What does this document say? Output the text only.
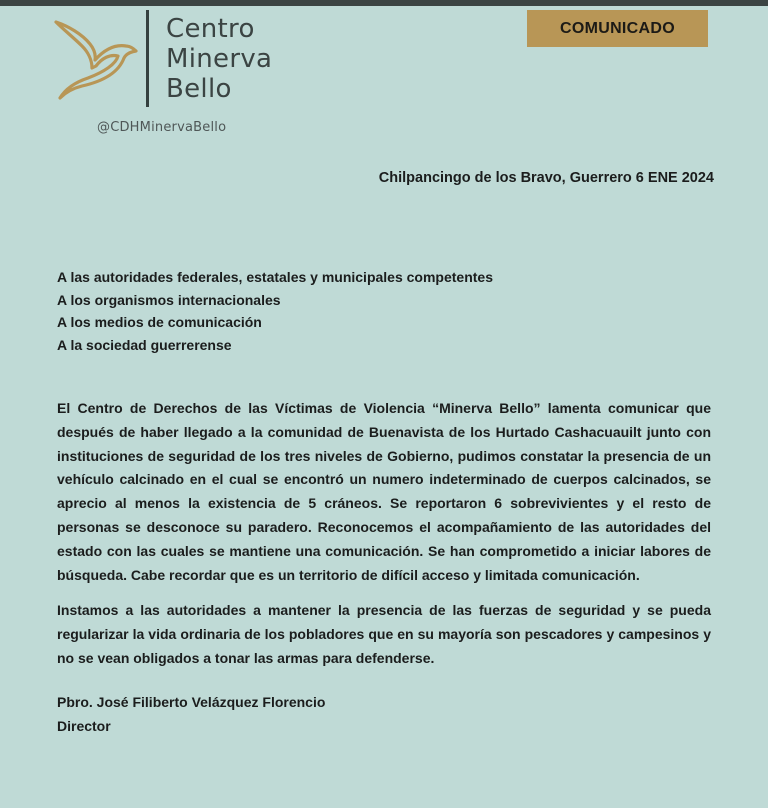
Centro
Minerva
Bello
@CDHMinervaBello
COMUNICADO
Chilpancingo de los Bravo, Guerrero 6 ENE 2024
A las autoridades federales, estatales y municipales competentes
A los organismos internacionales
A los medios de comunicación
A la sociedad guerrerense
El Centro de Derechos de las Víctimas de Violencia “Minerva Bello” lamenta comunicar que después de haber llegado a la comunidad de Buenavista de los Hurtado Cashacuauilt junto con instituciones de seguridad de los tres niveles de Gobierno, pudimos constatar la presencia de un vehículo calcinado en el cual se encontró un numero indeterminado de cuerpos calcinados, se aprecio al menos la existencia de 5 cráneos. Se reportaron 6 sobrevivientes y el resto de personas se desconoce su paradero. Reconocemos el acompañamiento de las autoridades del estado con las cuales se mantiene una comunicación. Se han comprometido a iniciar labores de búsqueda. Cabe recordar que es un territorio de difícil acceso y limitada comunicación.
Instamos a las autoridades a mantener la presencia de las fuerzas de seguridad y se pueda regularizar la vida ordinaria de los pobladores que en su mayoría son pescadores y campesinos y no se vean obligados a tonar las armas para defenderse.
Pbro. José Filiberto Velázquez Florencio
Director
